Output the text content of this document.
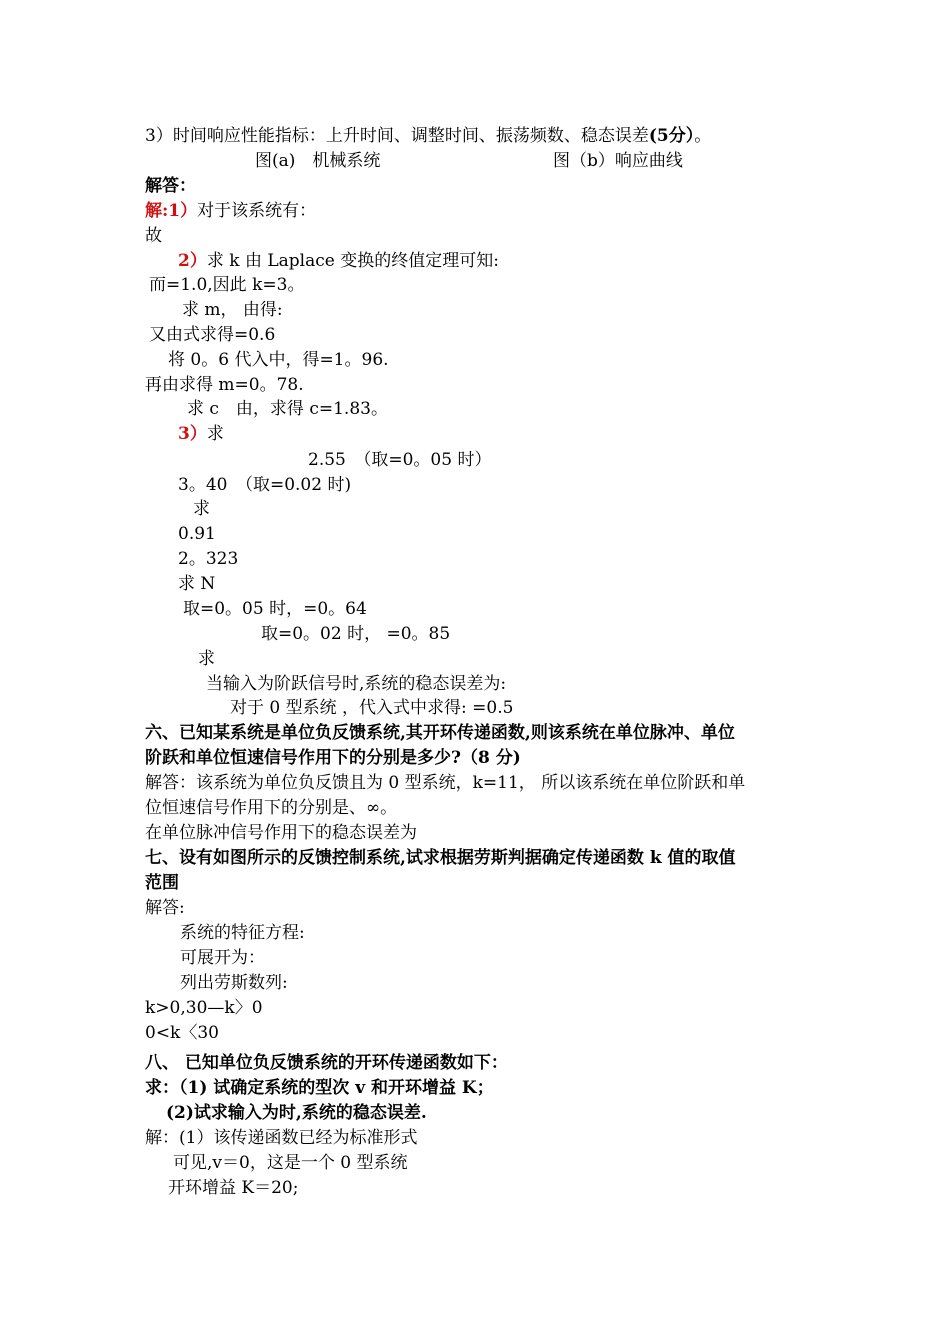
3）时间响应性能指标：上升时间、调整时间、振荡频数、稳态误差(5分）。
图(a)　机械系统	图（b）响应曲线
解答：
解:1）对于该系统有：
故
2）求 k 由 Laplace 变换的终值定理可知:
而=1.0,因此 k=3。
求 m， 由得:
又由式求得=0.6
将 0。6 代入中，得=1。96.
再由求得 m=0。78.
求 c　由，求得 c=1.83。
3）求
2.55　（取=0。05 时）
3。40　（取=0.02 时)
求
0.91
2。323
求 N
取=0。05 时，=0。64
取=0。02 时， =0。85
求
当输入为阶跃信号时,系统的稳态误差为:
对于 0 型系统 ，代入式中求得: =0.5
六、已知某系统是单位负反馈系统,其开环传递函数,则该系统在单位脉冲、单位
阶跃和单位恒速信号作用下的分别是多少?（8 分)
解答：该系统为单位负反馈且为 0 型系统，k=11， 所以该系统在单位阶跃和单
位恒速信号作用下的分别是、∞。
在单位脉冲信号作用下的稳态误差为
七、设有如图所示的反馈控制系统,试求根据劳斯判据确定传递函数 k 值的取值
范围
解答:
系统的特征方程:
可展开为：
列出劳斯数列:
k>0,30—k〉0
0<k〈30
八、 已知单位负反馈系统的开环传递函数如下：
求：（1) 试确定系统的型次 v 和开环增益 K；
(2)试求输入为时,系统的稳态误差.
解：(1）该传递函数已经为标准形式
可见,v＝0，这是一个 0 型系统
开环增益 K＝20;
